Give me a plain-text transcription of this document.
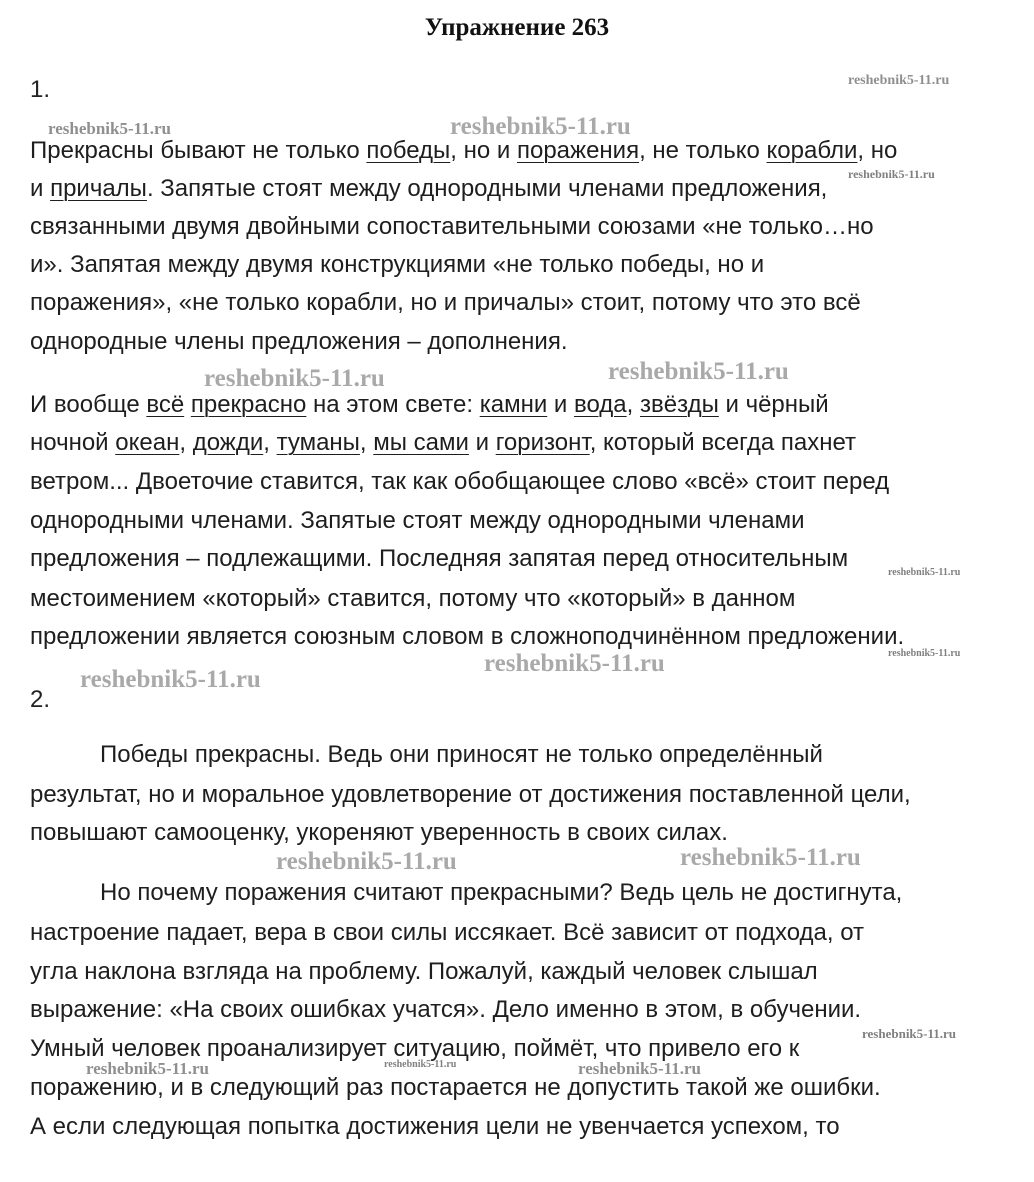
Упражнение 263
reshebnik5-11.ru
reshebnik5-11.ru	reshebnik5-11.ru
reshebnik5-11.ru
reshebnik5-11.ru	reshebnik5-11.ru
reshebnik5-11.ru
reshebnik5-11.ru
reshebnik5-11.ru
reshebnik5-11.ru
reshebnik5-11.ru	reshebnik5-11.ru
reshebnik5-11.ru
reshebnik5-11.ru	reshebnik5-11.ru	reshebnik5-11.ru
1.
2.
Прекрасны бывают не только победы, но и поражения, не только корабли, но
и причалы. Запятые стоят между однородными членами предложения,
связанными двумя двойными сопоставительными союзами «не только…но
и». Запятая между двумя конструкциями «не только победы, но и
поражения», «не только корабли, но и причалы» стоит, потому что это всё
однородные члены предложения – дополнения.
И вообще всё прекрасно на этом свете: камни и вода, звёзды и чёрный
ночной океан, дожди, туманы, мы сами и горизонт, который всегда пахнет
ветром... Двоеточие ставится, так как обобщающее слово «всё» стоит перед
однородными членами. Запятые стоят между однородными членами
предложения – подлежащими. Последняя запятая перед относительным
местоимением «который» ставится, потому что «который» в данном
предложении является союзным словом в сложноподчинённом предложении.
Победы прекрасны. Ведь они приносят не только определённый
результат, но и моральное удовлетворение от достижения поставленной цели,
повышают самооценку, укореняют уверенность в своих силах.
Но почему поражения считают прекрасными? Ведь цель не достигнута,
настроение падает, вера в свои силы иссякает. Всё зависит от подхода, от
угла наклона взгляда на проблему. Пожалуй, каждый человек слышал
выражение: «На своих ошибках учатся». Дело именно в этом, в обучении.
Умный человек проанализирует ситуацию, поймёт, что привело его к
поражению, и в следующий раз постарается не допустить такой же ошибки.
А если следующая попытка достижения цели не увенчается успехом, то
